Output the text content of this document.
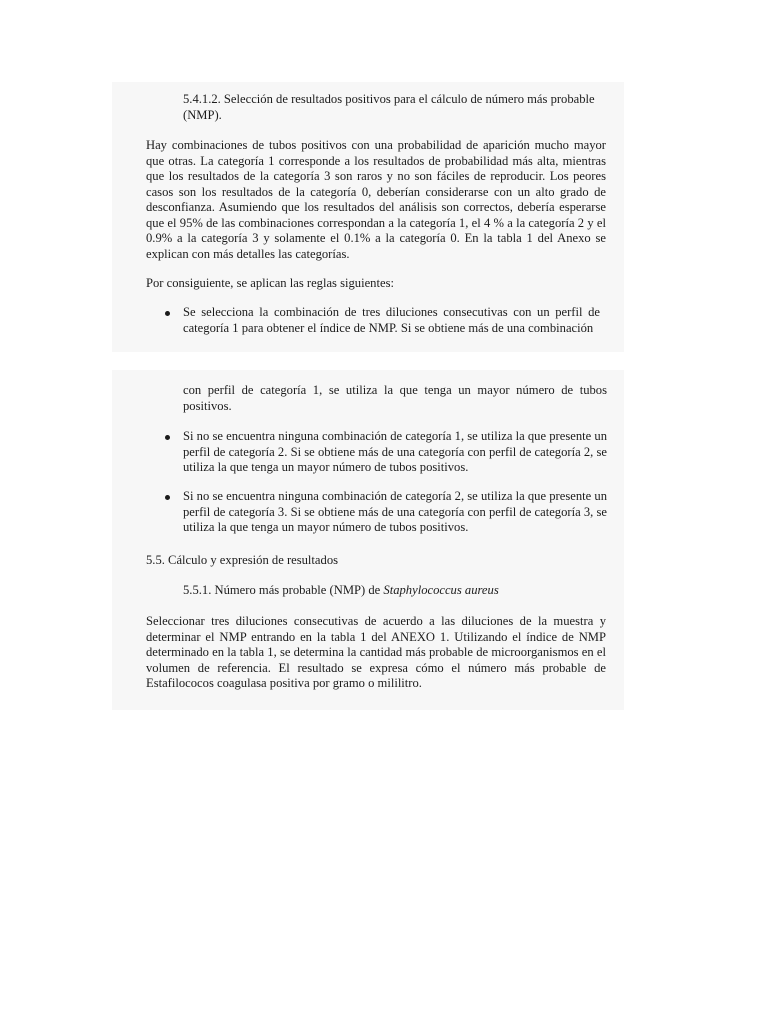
5.4.1.2. Selección de resultados positivos para el cálculo de número más probable (NMP).

Hay combinaciones de tubos positivos con una probabilidad de aparición mucho mayor que otras. La categoría 1 corresponde a los resultados de probabilidad más alta, mientras que los resultados de la categoría 3 son raros y no son fáciles de reproducir. Los peores casos son los resultados de la categoría 0, deberían considerarse con un alto grado de desconfianza. Asumiendo que los resultados del análisis son correctos, debería esperarse que el 95% de las combinaciones correspondan a la categoría 1, el 4 % a la categoría 2 y el 0.9% a la categoría 3 y solamente el 0.1% a la categoría 0. En la tabla 1 del Anexo se explican con más detalles las categorías.

Por consiguiente, se aplican las reglas siguientes:

Se selecciona la combinación de tres diluciones consecutivas con un perfil de categoría 1 para obtener el índice de NMP. Si se obtiene más de una combinación

con perfil de categoría 1, se utiliza la que tenga un mayor número de tubos positivos.

Si no se encuentra ninguna combinación de categoría 1, se utiliza la que presente un perfil de categoría 2. Si se obtiene más de una categoría con perfil de categoría 2, se utiliza la que tenga un mayor número de tubos positivos.

Si no se encuentra ninguna combinación de categoría 2, se utiliza la que presente un perfil de categoría 3. Si se obtiene más de una categoría con perfil de categoría 3, se utiliza la que tenga un mayor número de tubos positivos.

5.5. Cálculo y expresión de resultados

5.5.1. Número más probable (NMP) de Staphylococcus aureus

Seleccionar tres diluciones consecutivas de acuerdo a las diluciones de la muestra y determinar el NMP entrando en la tabla 1 del ANEXO 1. Utilizando el índice de NMP determinado en la tabla 1, se determina la cantidad más probable de microorganismos en el volumen de referencia. El resultado se expresa cómo el número más probable de Estafilococos coagulasa positiva por gramo o mililitro.
